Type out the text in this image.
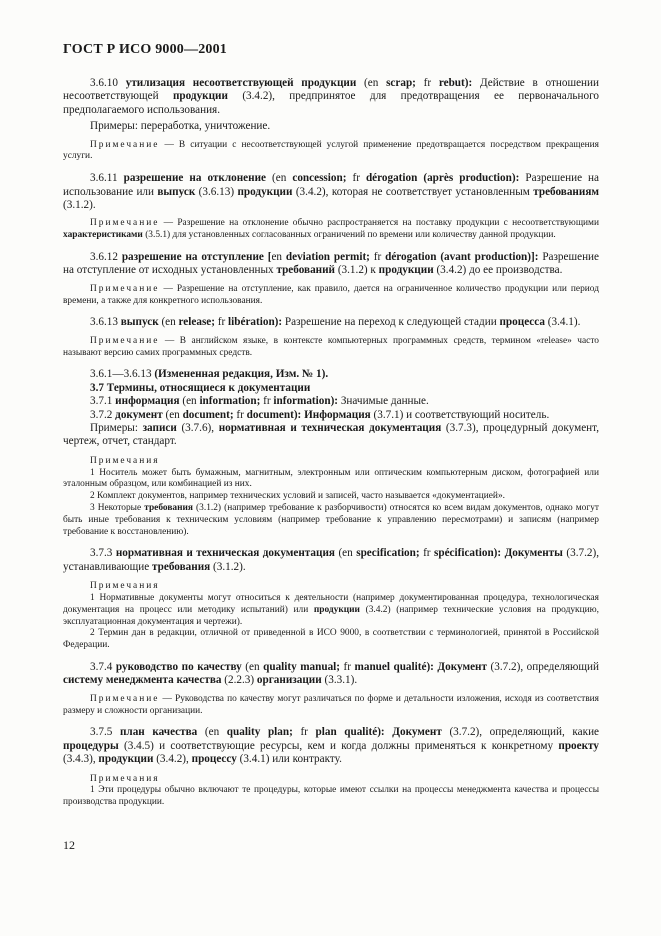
ГОСТ Р ИСО 9000—2001

3.6.10 утилизация несоответствующей продукции (en scrap; fr rebut): Действие в отношении несоответствующей продукции (3.4.2), предпринятое для предотвращения ее первоначального предполагаемого использования.

Примеры: переработка, уничтожение.

Примечание — В ситуации с несоответствующей услугой применение предотвращается посредством прекращения услуги.

3.6.11 разрешение на отклонение (en concession; fr dérogation (après production): Разрешение на использование или выпуск (3.6.13) продукции (3.4.2), которая не соответствует установленным требованиям (3.1.2).

Примечание — Разрешение на отклонение обычно распространяется на поставку продукции с несоответствующими характеристиками (3.5.1) для установленных согласованных ограничений по времени или количеству данной продукции.

3.6.12 разрешение на отступление [en deviation permit; fr dérogation (avant production)]: Разрешение на отступление от исходных установленных требований (3.1.2) к продукции (3.4.2) до ее производства.

Примечание — Разрешение на отступление, как правило, дается на ограниченное количество продукции или период времени, а также для конкретного использования.

3.6.13 выпуск (en release; fr libération): Разрешение на переход к следующей стадии процесса (3.4.1).

Примечание — В английском языке, в контексте компьютерных программных средств, термином «release» часто называют версию самих программных средств.

3.6.1—3.6.13 (Измененная редакция, Изм. № 1).

3.7 Термины, относящиеся к документации

3.7.1 информация (en information; fr information): Значимые данные.

3.7.2 документ (en document; fr document): Информация (3.7.1) и соответствующий носитель.

Примеры: записи (3.7.6), нормативная и техническая документация (3.7.3), процедурный документ, чертеж, отчет, стандарт.

Примечания

1 Носитель может быть бумажным, магнитным, электронным или оптическим компьютерным диском, фотографией или эталонным образцом, или комбинацией из них.

2 Комплект документов, например технических условий и записей, часто называется «документацией».

3 Некоторые требования (3.1.2) (например требование к разборчивости) относятся ко всем видам документов, однако могут быть иные требования к техническим условиям (например требование к управлению пересмотрами) и записям (например требование к восстановлению).

3.7.3 нормативная и техническая документация (en specification; fr spécification): Документы (3.7.2), устанавливающие требования (3.1.2).

Примечания

1 Нормативные документы могут относиться к деятельности (например документированная процедура, технологическая документация на процесс или методику испытаний) или продукции (3.4.2) (например технические условия на продукцию, эксплуатационная документация и чертежи).

2 Термин дан в редакции, отличной от приведенной в ИСО 9000, в соответствии с терминологией, принятой в Российской Федерации.

3.7.4 руководство по качеству (en quality manual; fr manuel qualité): Документ (3.7.2), определяющий систему менеджмента качества (2.2.3) организации (3.3.1).

Примечание — Руководства по качеству могут различаться по форме и детальности изложения, исходя из соответствия размеру и сложности организации.

3.7.5 план качества (en quality plan; fr plan qualité): Документ (3.7.2), определяющий, какие процедуры (3.4.5) и соответствующие ресурсы, кем и когда должны применяться к конкретному проекту (3.4.3), продукции (3.4.2), процессу (3.4.1) или контракту.

Примечания

1 Эти процедуры обычно включают те процедуры, которые имеют ссылки на процессы менеджмента качества и процессы производства продукции.

12
